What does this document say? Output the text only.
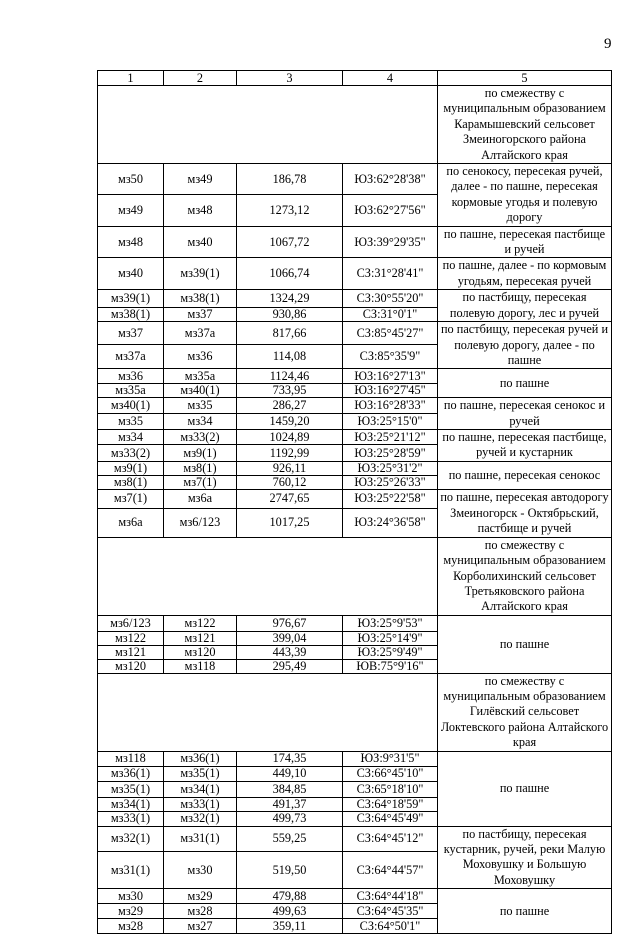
9
1	2	3	4	5
				по смежеству с муниципальным образованием Карамышевский сельсовет Змеиногорского района Алтайского края
мз50	мз49	186,78	ЮЗ:62°28'38"	по сенокосу, пересекая ручей, далее - по пашне, пересекая кормовые угодья и полевую дорогу
мз49	мз48	1273,12	ЮЗ:62°27'56"	
мз48	мз40	1067,72	ЮЗ:39°29'35"	по пашне, пересекая пастбище и ручей
мз40	мз39(1)	1066,74	СЗ:31°28'41"	по пашне, далее - по кормовым угодьям, пересекая ручей
мз39(1)	мз38(1)	1324,29	СЗ:30°55'20"	по пастбищу, пересекая полевую дорогу, лес и ручей
мз38(1)	мз37	930,86	СЗ:31°0'1"	
мз37	мз37а	817,66	СЗ:85°45'27"	по пастбищу, пересекая ручей и полевую дорогу, далее - по пашне
мз37а	мз36	114,08	СЗ:85°35'9"	
мз36	мз35а	1124,46	ЮЗ:16°27'13"	по пашне
мз35а	мз40(1)	733,95	ЮЗ:16°27'45"	
мз40(1)	мз35	286,27	ЮЗ:16°28'33"	по пашне, пересекая сенокос и ручей
мз35	мз34	1459,20	ЮЗ:25°15'0"	
мз34	мз33(2)	1024,89	ЮЗ:25°21'12"	по пашне, пересекая пастбище, ручей и кустарник
мз33(2)	мз9(1)	1192,99	ЮЗ:25°28'59"	
мз9(1)	мз8(1)	926,11	ЮЗ:25°31'2"	по пашне, пересекая сенокос
мз8(1)	мз7(1)	760,12	ЮЗ:25°26'33"	
мз7(1)	мз6а	2747,65	ЮЗ:25°22'58"	по пашне, пересекая автодорогу Змеиногорск - Октябрьский, пастбище и ручей
мз6а	мз6/123	1017,25	ЮЗ:24°36'58"	
				по смежеству с муниципальным образованием Корболихинский сельсовет Третьяковского района Алтайского края
мз6/123	мз122	976,67	ЮЗ:25°9'53"	по пашне
мз122	мз121	399,04	ЮЗ:25°14'9"	
мз121	мз120	443,39	ЮЗ:25°9'49"	
мз120	мз118	295,49	ЮВ:75°9'16"	
				по смежеству с муниципальным образованием Гилёвский сельсовет Локтевского района Алтайского края
мз118	мз36(1)	174,35	ЮЗ:9°31'5"	по пашне
мз36(1)	мз35(1)	449,10	СЗ:66°45'10"	
мз35(1)	мз34(1)	384,85	СЗ:65°18'10"	
мз34(1)	мз33(1)	491,37	СЗ:64°18'59"	
мз33(1)	мз32(1)	499,73	СЗ:64°45'49"	
мз32(1)	мз31(1)	559,25	СЗ:64°45'12"	по пастбищу, пересекая кустарник, ручей, реки Малую Моховушку и Большую Моховушку
мз31(1)	мз30	519,50	СЗ:64°44'57"	
мз30	мз29	479,88	СЗ:64°44'18"	по пашне
мз29	мз28	499,63	СЗ:64°45'35"	
мз28	мз27	359,11	СЗ:64°50'1"	
